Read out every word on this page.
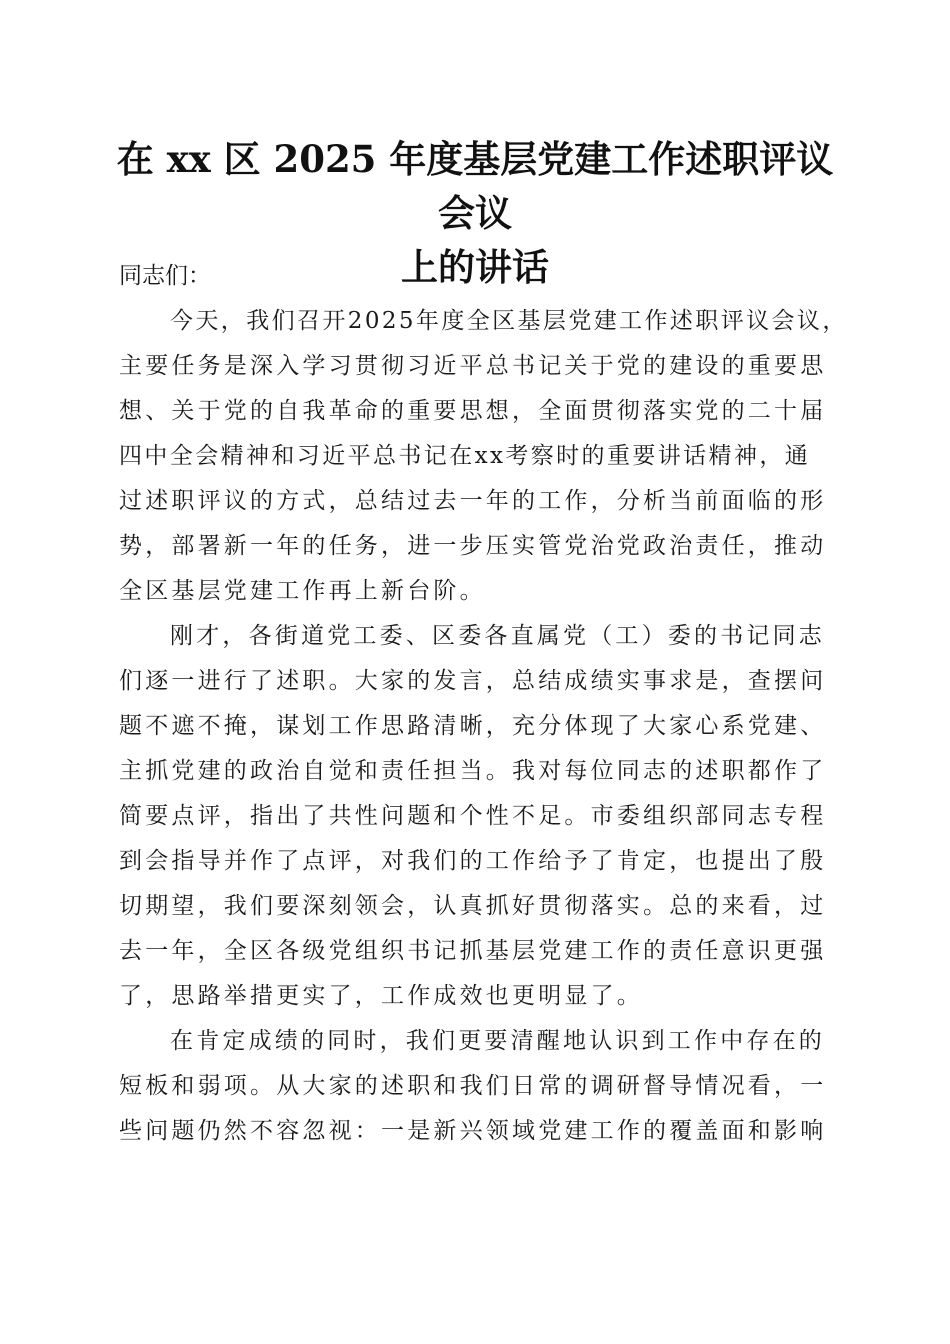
在 xx 区 2025 年度基层党建工作述职评议会议
上的讲话

同志们：

今天，我们召开2025年度全区基层党建工作述职评议会议，
主要任务是深入学习贯彻习近平总书记关于党的建设的重要思
想、关于党的自我革命的重要思想，全面贯彻落实党的二十届
四中全会精神和习近平总书记在xx考察时的重要讲话精神，通
过述职评议的方式，总结过去一年的工作，分析当前面临的形
势，部署新一年的任务，进一步压实管党治党政治责任，推动
全区基层党建工作再上新台阶。

刚才，各街道党工委、区委各直属党（工）委的书记同志
们逐一进行了述职。大家的发言，总结成绩实事求是，查摆问
题不遮不掩，谋划工作思路清晰，充分体现了大家心系党建、
主抓党建的政治自觉和责任担当。我对每位同志的述职都作了
简要点评，指出了共性问题和个性不足。市委组织部同志专程
到会指导并作了点评，对我们的工作给予了肯定，也提出了殷
切期望，我们要深刻领会，认真抓好贯彻落实。总的来看，过
去一年，全区各级党组织书记抓基层党建工作的责任意识更强
了，思路举措更实了，工作成效也更明显了。

在肯定成绩的同时，我们更要清醒地认识到工作中存在的
短板和弱项。从大家的述职和我们日常的调研督导情况看，一
些问题仍然不容忽视：一是新兴领域党建工作的覆盖面和影响
